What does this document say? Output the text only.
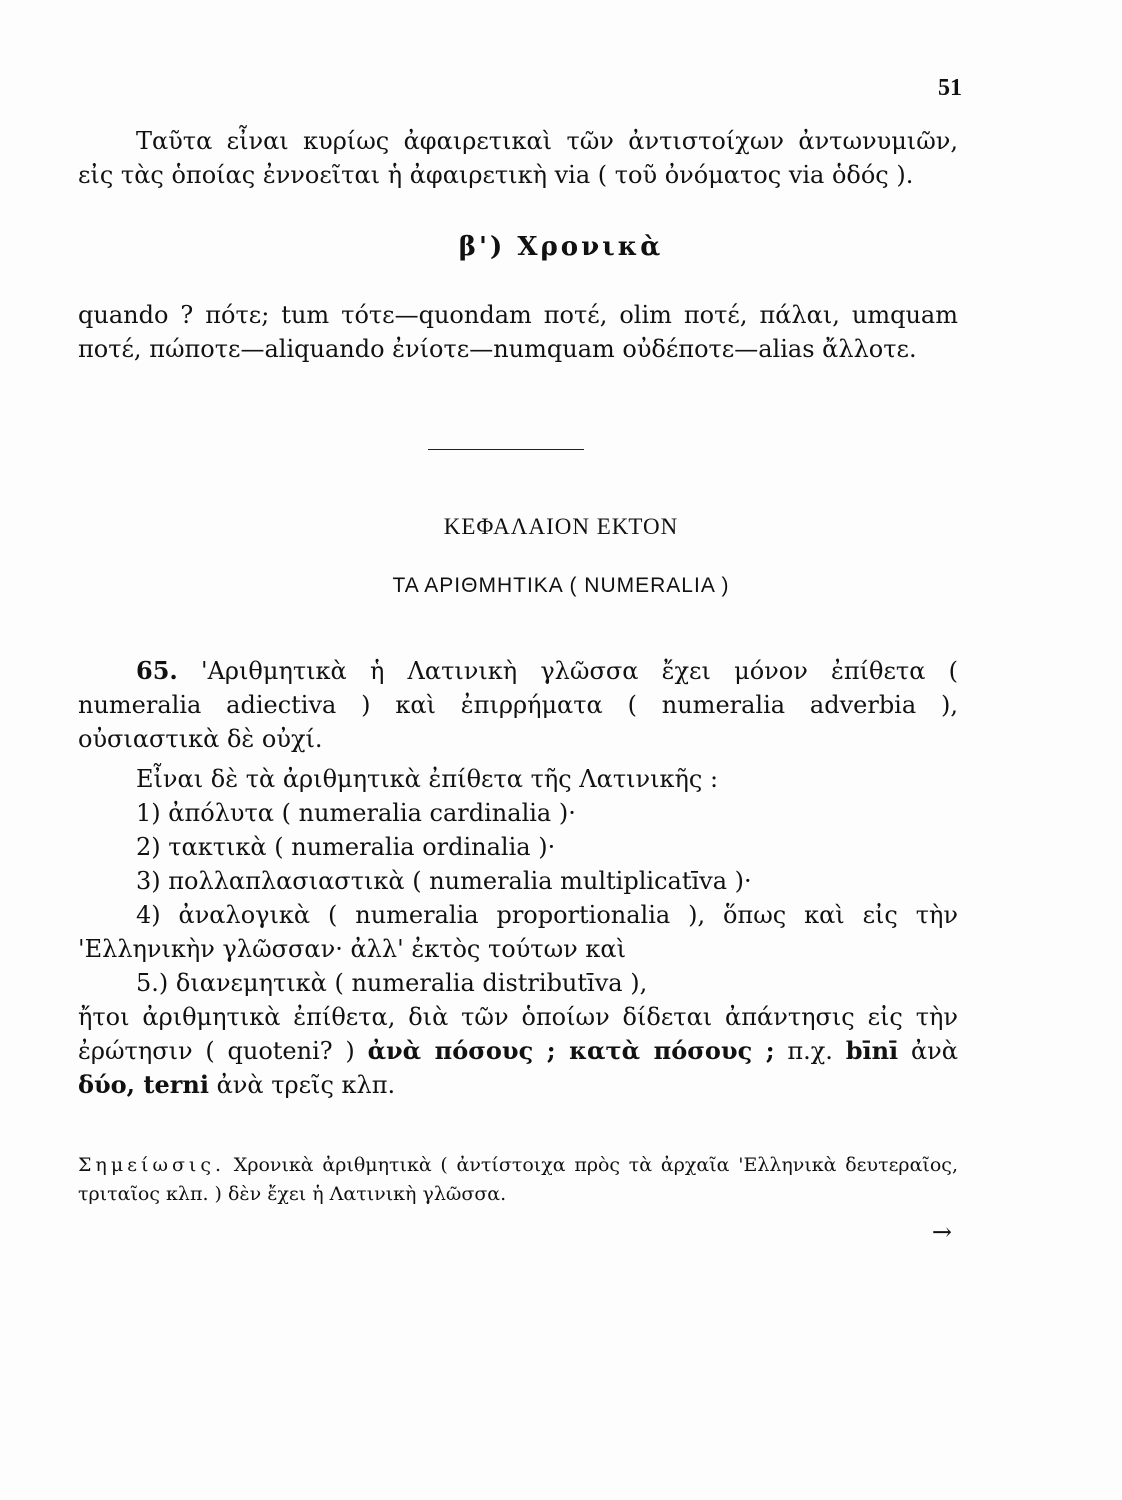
51

Ταῦτα εἶναι κυρίως ἀφαιρετικαὶ τῶν ἀντιστοίχων ἀντωνυμιῶν, εἰς τὰς ὁποίας ἐννοεῖται ἡ ἀφαιρετικὴ via ( τοῦ ὀνόματος via ὁδός ).

β') Χρονικὰ

quando ? πότε; tum τότε—quondam ποτέ, olim ποτέ, πάλαι, umquam ποτέ, πώποτε—aliquando ἐνίοτε—numquam οὐδέποτε—alias ἄλλοτε.

ΚΕΦΑΛΑΙΟΝ ΕΚΤΟΝ
ΤΑ ΑΡΙΘΜΗΤΙΚΑ ( NUMERALIA )

65. 'Αριθμητικὰ ἡ Λατινικὴ γλῶσσα ἔχει μόνον ἐπίθετα ( numeralia adiectiva ) καὶ ἐπιρρήματα ( numeralia adverbia ), οὐσιαστικὰ δὲ οὐχί.

Εἶναι δὲ τὰ ἀριθμητικὰ ἐπίθετα τῆς Λατινικῆς :

1) ἀπόλυτα ( numeralia cardinalia )·

2) τακτικὰ ( numeralia ordinalia )·

3) πολλαπλασιαστικὰ ( numeralia multiplicatīva )·

4) ἀναλογικὰ ( numeralia proportionalia ), ὅπως καὶ εἰς τὴν 'Ελληνικὴν γλῶσσαν· ἀλλ' ἐκτὸς τούτων καὶ

5.) διανεμητικὰ ( numeralia distributīva ),

ἤτοι ἀριθμητικὰ ἐπίθετα, διὰ τῶν ὁποίων δίδεται ἀπάντησις εἰς τὴν ἐρώτησιν ( quoteni? ) ἀνὰ πόσους ; κατὰ πόσους ; π.χ. bīnī ἀνὰ δύο, terni ἀνὰ τρεῖς κλπ.

Σημείωσις. Χρονικὰ ἀριθμητικὰ ( ἀντίστοιχα πρὸς τὰ ἀρχαῖα 'Ελληνικὰ δευτεραῖος, τριταῖος κλπ. ) δὲν ἔχει ἡ Λατινικὴ γλῶσσα.
→
